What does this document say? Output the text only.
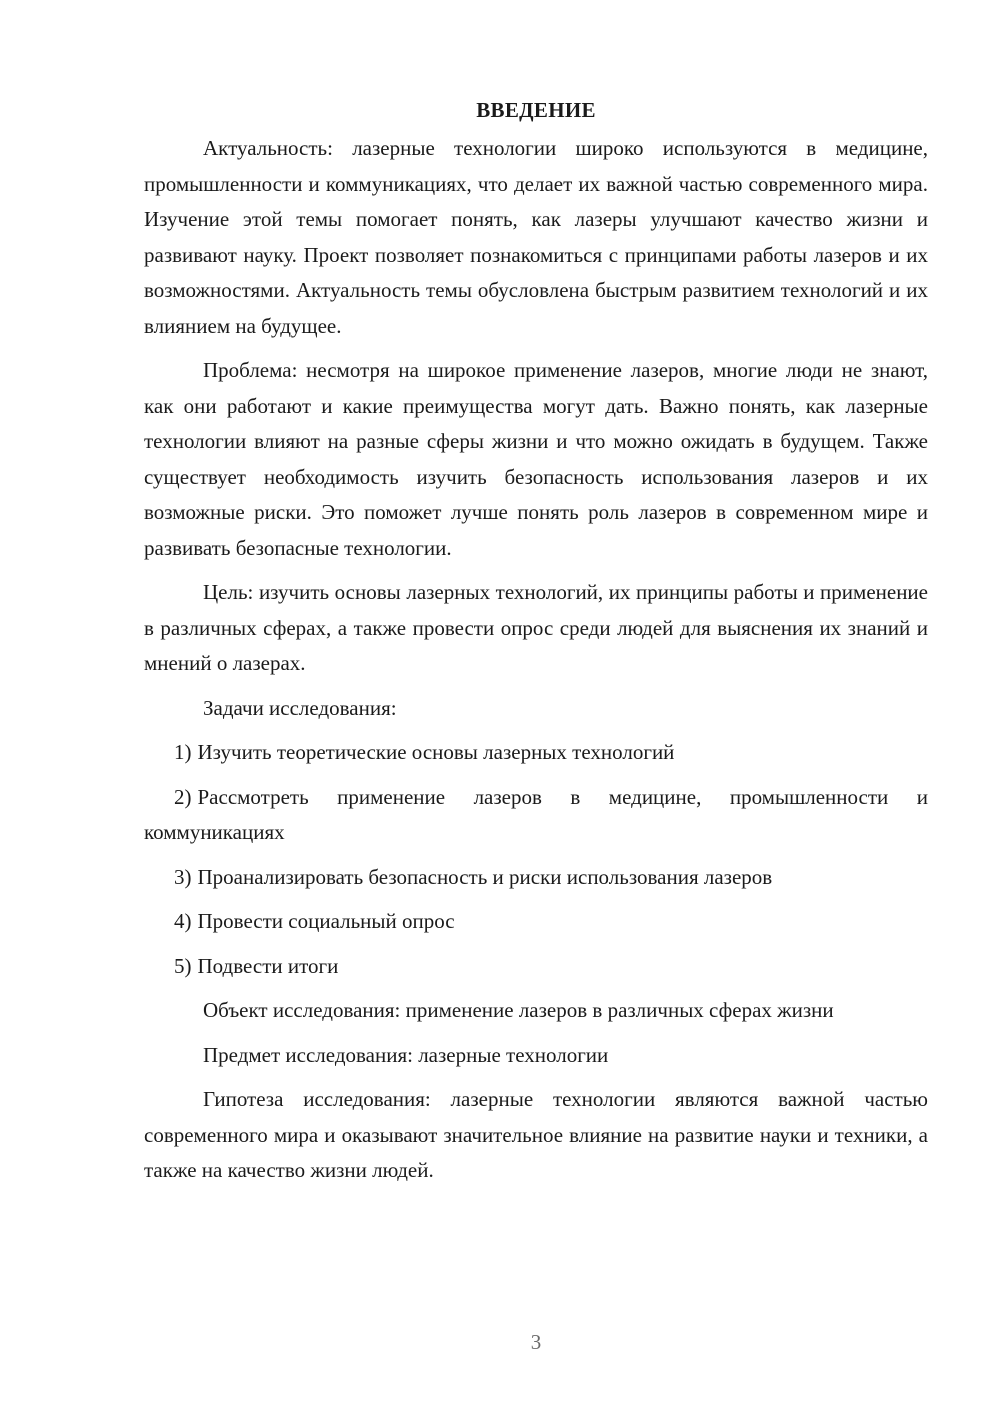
ВВЕДЕНИЕ

Актуальность: лазерные технологии широко используются в медицине, промышленности и коммуникациях, что делает их важной частью современного мира. Изучение этой темы помогает понять, как лазеры улучшают качество жизни и развивают науку. Проект позволяет познакомиться с принципами работы лазеров и их возможностями. Актуальность темы обусловлена быстрым развитием технологий и их влиянием на будущее.

Проблема: несмотря на широкое применение лазеров, многие люди не знают, как они работают и какие преимущества могут дать. Важно понять, как лазерные технологии влияют на разные сферы жизни и что можно ожидать в будущем. Также существует необходимость изучить безопасность использования лазеров и их возможные риски. Это поможет лучше понять роль лазеров в современном мире и развивать безопасные технологии.

Цель: изучить основы лазерных технологий, их принципы работы и применение в различных сферах, а также провести опрос среди людей для выяснения их знаний и мнений о лазерах.

Задачи исследования:

1) Изучить теоретические основы лазерных технологий

2) Рассмотреть применение лазеров в медицине, промышленности и коммуникациях

3) Проанализировать безопасность и риски использования лазеров

4) Провести социальный опрос

5) Подвести итоги

Объект исследования: применение лазеров в различных сферах жизни

Предмет исследования: лазерные технологии

Гипотеза исследования: лазерные технологии являются важной частью современного мира и оказывают значительное влияние на развитие науки и техники, а также на качество жизни людей.

3
